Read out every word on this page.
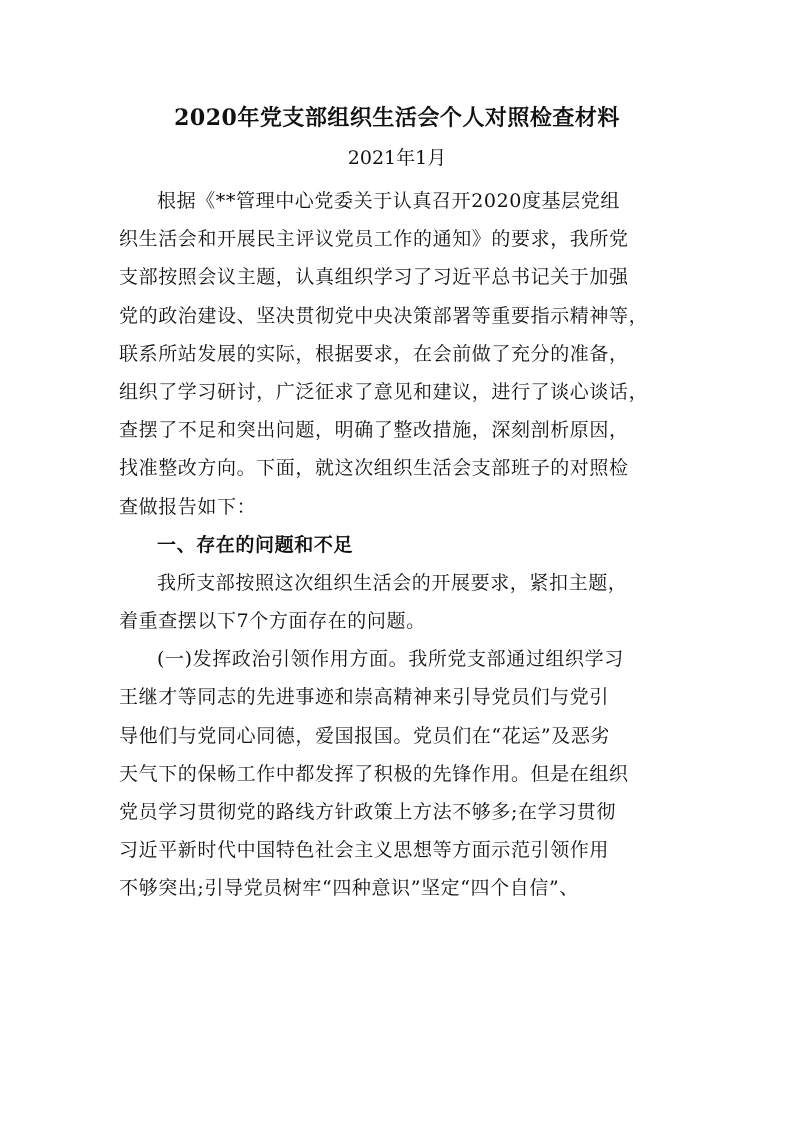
2020年党支部组织生活会个人对照检查材料
2021年1月
根据《**管理中心党委关于认真召开2020度基层党组
织生活会和开展民主评议党员工作的通知》的要求，我所党
支部按照会议主题，认真组织学习了习近平总书记关于加强
党的政治建设、坚决贯彻党中央决策部署等重要指示精神等，
联系所站发展的实际，根据要求，在会前做了充分的准备，
组织了学习研讨，广泛征求了意见和建议，进行了谈心谈话，
查摆了不足和突出问题，明确了整改措施，深刻剖析原因，
找准整改方向。下面，就这次组织生活会支部班子的对照检
查做报告如下：
一、存在的问题和不足
我所支部按照这次组织生活会的开展要求，紧扣主题，
着重查摆以下7个方面存在的问题。
(一)发挥政治引领作用方面。我所党支部通过组织学习
王继才等同志的先进事迹和崇高精神来引导党员们与党引
导他们与党同心同德，爱国报国。党员们在“花运”及恶劣
天气下的保畅工作中都发挥了积极的先锋作用。但是在组织
党员学习贯彻党的路线方针政策上方法不够多;在学习贯彻
习近平新时代中国特色社会主义思想等方面示范引领作用
不够突出;引导党员树牢“四种意识”坚定“四个自信”、
